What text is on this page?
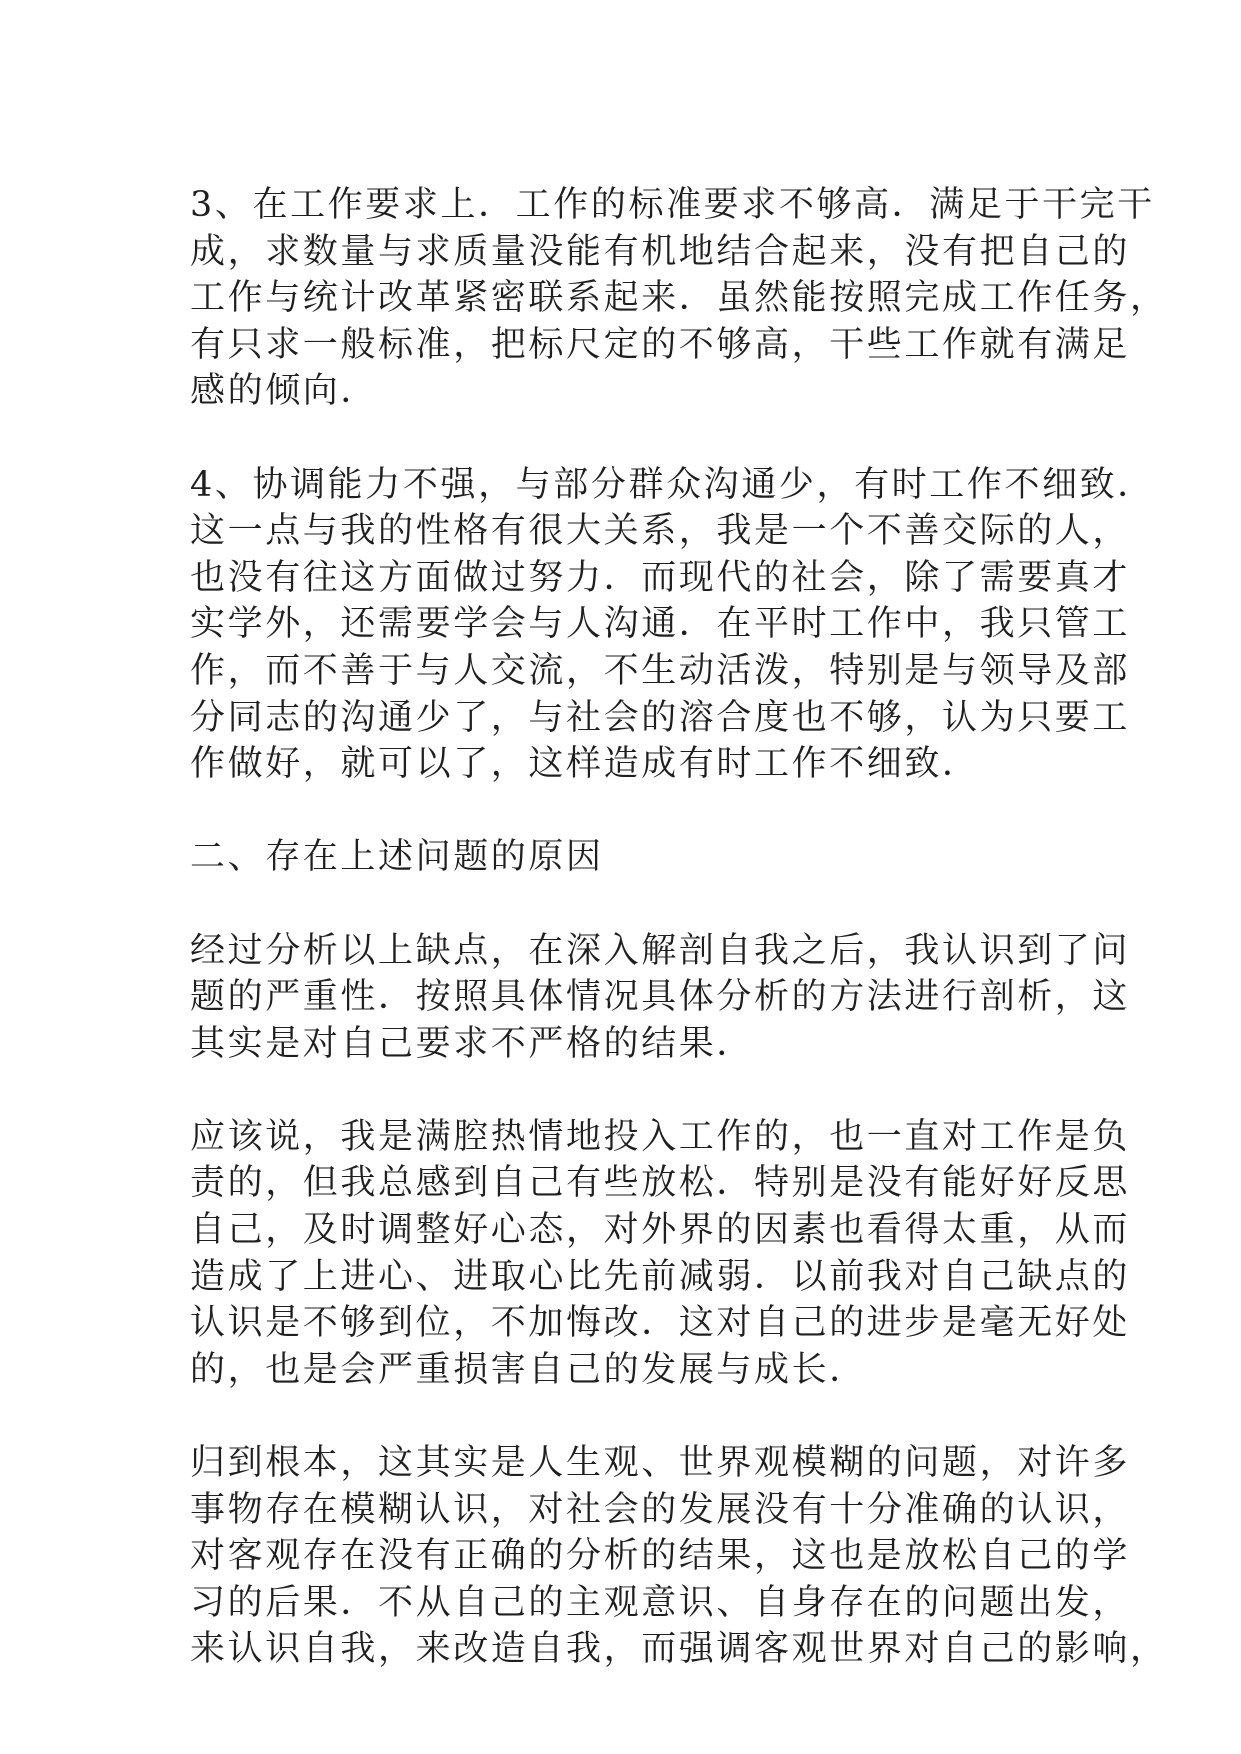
3、在工作要求上．工作的标准要求不够高．满足于干完干
成，求数量与求质量没能有机地结合起来，没有把自己的
工作与统计改革紧密联系起来．虽然能按照完成工作任务，
有只求一般标准，把标尺定的不够高，干些工作就有满足
感的倾向．

4、协调能力不强，与部分群众沟通少，有时工作不细致．
这一点与我的性格有很大关系，我是一个不善交际的人，
也没有往这方面做过努力．而现代的社会，除了需要真才
实学外，还需要学会与人沟通．在平时工作中，我只管工
作，而不善于与人交流，不生动活泼，特别是与领导及部
分同志的沟通少了，与社会的溶合度也不够，认为只要工
作做好，就可以了，这样造成有时工作不细致．

二、存在上述问题的原因

经过分析以上缺点，在深入解剖自我之后，我认识到了问
题的严重性．按照具体情况具体分析的方法进行剖析，这
其实是对自己要求不严格的结果．

应该说，我是满腔热情地投入工作的，也一直对工作是负
责的，但我总感到自己有些放松．特别是没有能好好反思
自己，及时调整好心态，对外界的因素也看得太重，从而
造成了上进心、进取心比先前减弱．以前我对自己缺点的
认识是不够到位，不加悔改．这对自己的进步是毫无好处
的，也是会严重损害自己的发展与成长．

归到根本，这其实是人生观、世界观模糊的问题，对许多
事物存在模糊认识，对社会的发展没有十分准确的认识，
对客观存在没有正确的分析的结果，这也是放松自己的学
习的后果．不从自己的主观意识、自身存在的问题出发，
来认识自我，来改造自我，而强调客观世界对自己的影响，
